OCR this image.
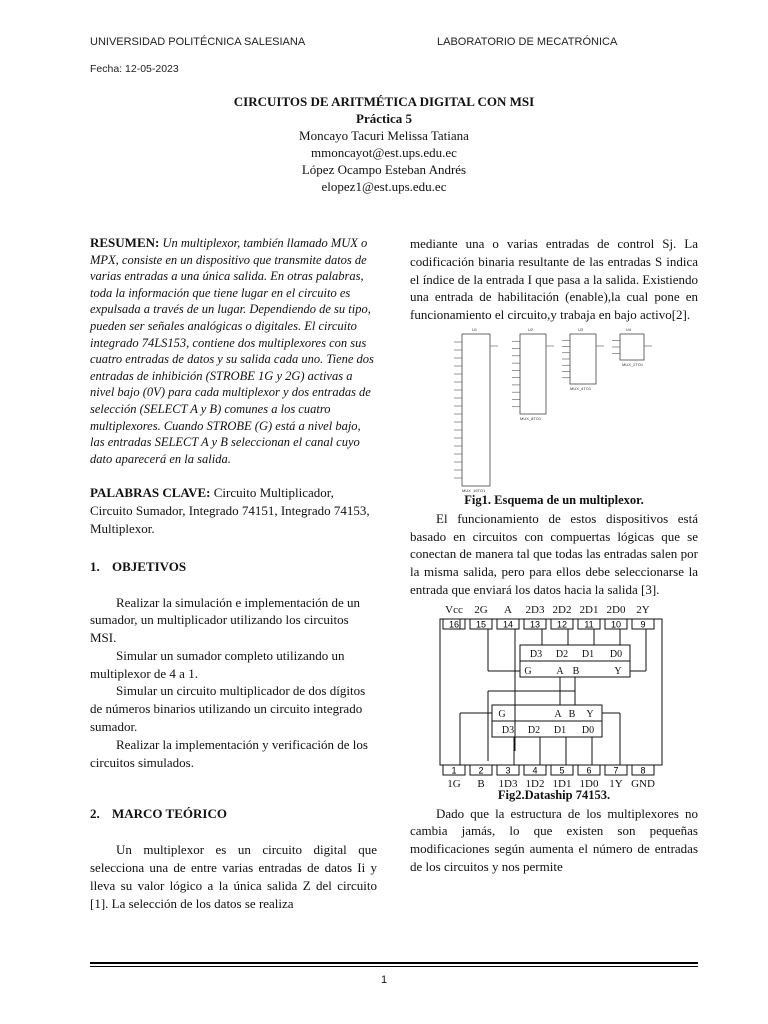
UNIVERSIDAD POLITÉCNICA SALESIANA	LABORATORIO DE MECATRÓNICA
Fecha: 12-05-2023
CIRCUITOS DE ARITMÉTICA DIGITAL CON MSI
Práctica 5
Moncayo Tacuri Melissa Tatiana
mmoncayot@est.ups.edu.ec
López Ocampo Esteban Andrés
elopez1@est.ups.edu.ec
RESUMEN: Un multiplexor, también llamado MUX o MPX, consiste en un dispositivo que transmite datos de varias entradas a una única salida. En otras palabras, toda la información que tiene lugar en el circuito es expulsada a través de un lugar. Dependiendo de su tipo, pueden ser señales analógicas o digitales. El circuito integrado 74LS153, contiene dos multiplexores con sus cuatro entradas de datos y su salida cada uno. Tiene dos entradas de inhibición (STROBE 1G y 2G) activas a nivel bajo (0V) para cada multiplexor y dos entradas de selección (SELECT A y B) comunes a los cuatro multiplexores. Cuando STROBE (G) está a nivel bajo, las entradas SELECT A y B seleccionan el canal cuyo dato aparecerá en la salida.
PALABRAS CLAVE: Circuito Multiplicador, Circuito Sumador, Integrado 74151, Integrado 74153, Multiplexor.
1. OBJETIVOS

Realizar la simulación e implementación de un sumador, un multiplicador utilizando los circuitos MSI.

Simular un sumador completo utilizando un multiplexor de 4 a 1.

Simular un circuito multiplicador de dos dígitos de números binarios utilizando un circuito integrado sumador.

Realizar la implementación y verificación de los circuitos simulados.

2. MARCO TEÓRICO

Un multiplexor es un circuito digital que selecciona una de entre varias entradas de datos Ii y lleva su valor lógico a la única salida Z del circuito [1]. La selección de los datos se realiza

mediante una o varias entradas de control Sj. La codificación binaria resultante de las entradas S indica el índice de la entrada I que pasa a la salida. Existiendo una entrada de habilitación (enable),la cual pone en funcionamiento el circuito,y trabaja en bajo activo[2].

U1	U2	U3	U4
MUX_16TO1
MUX_8TO1
MUX_4TO1
MUX_2TO1
Fig1. Esquema de un multiplexor.

El funcionamiento de estos dispositivos está basado en circuitos con compuertas lógicas que se conectan de manera tal que todas las entradas salen por la misma salida, pero para ellos debe seleccionarse la entrada que enviará los datos hacia la salida [3].

Vcc 2G A 2D3 2D2 2D1 2D0 2Y
16 15 14 13 12 11 10 9
1 2 3 4 5 6 7 8
D3 D2 D1 D0
G A B	Y
G	A B Y
D3 D2 D1 D0
1G B 1D3 1D2 1D1 1D0 1Y GND
Fig2.Dataship 74153.

Dado que la estructura de los multiplexores no cambia jamás, lo que existen son pequeñas modificaciones según aumenta el número de entradas de los circuitos y nos permite

1
